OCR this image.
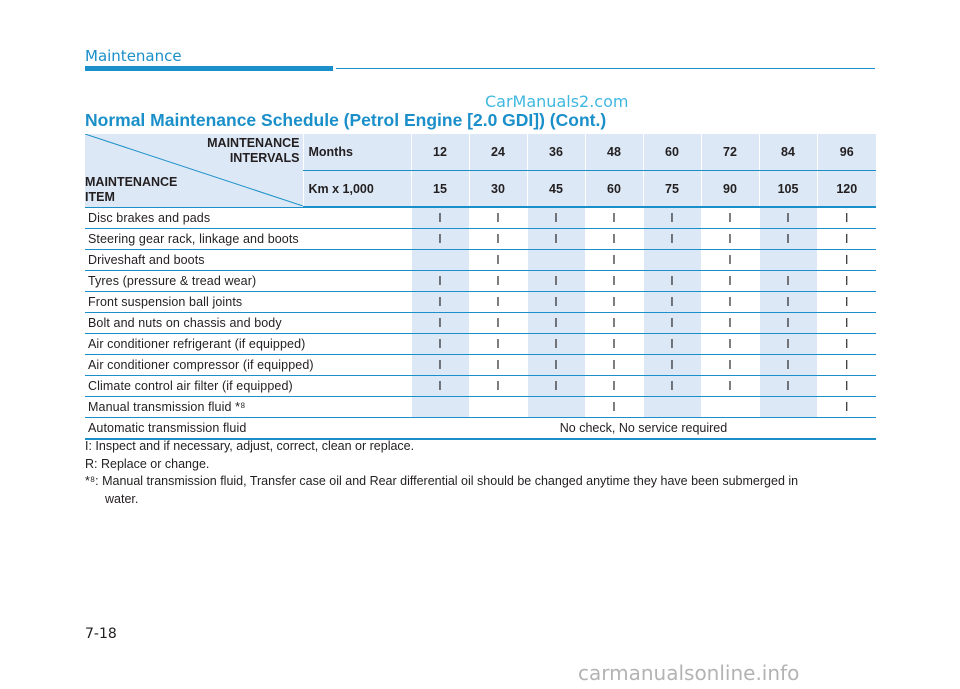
Maintenance
CarManuals2.com
Normal Maintenance Schedule (Petrol Engine [2.0 GDI]) (Cont.)
MAINTENANCE
INTERVALS
MAINTENANCE
ITEM	Months	12	24	36	48	60	72	84	96
	Km x 1,000	15	30	45	60	75	90	105	120
Disc brakes and pads		I	I	I	I	I	I	I	I
Steering gear rack, linkage and boots		I	I	I	I	I	I	I	I
Driveshaft and boots			I		I		I		I
Tyres (pressure & tread wear)		I	I	I	I	I	I	I	I
Front suspension ball joints		I	I	I	I	I	I	I	I
Bolt and nuts on chassis and body		I	I	I	I	I	I	I	I
Air conditioner refrigerant (if equipped)		I	I	I	I	I	I	I	I
Air conditioner compressor (if equipped)		I	I	I	I	I	I	I	I
Climate control air filter (if equipped)		I	I	I	I	I	I	I	I
Manual transmission fluid *⁸					I				I
Automatic transmission fluid		No check, No service required							
I : Inspect and if necessary, adjust, correct, clean or replace.
R : Replace or change.
*⁸ : Manual transmission fluid, Transfer case oil and Rear differential oil should be changed anytime they have been submerged in
water.
7-18
carmanualsonline.info
